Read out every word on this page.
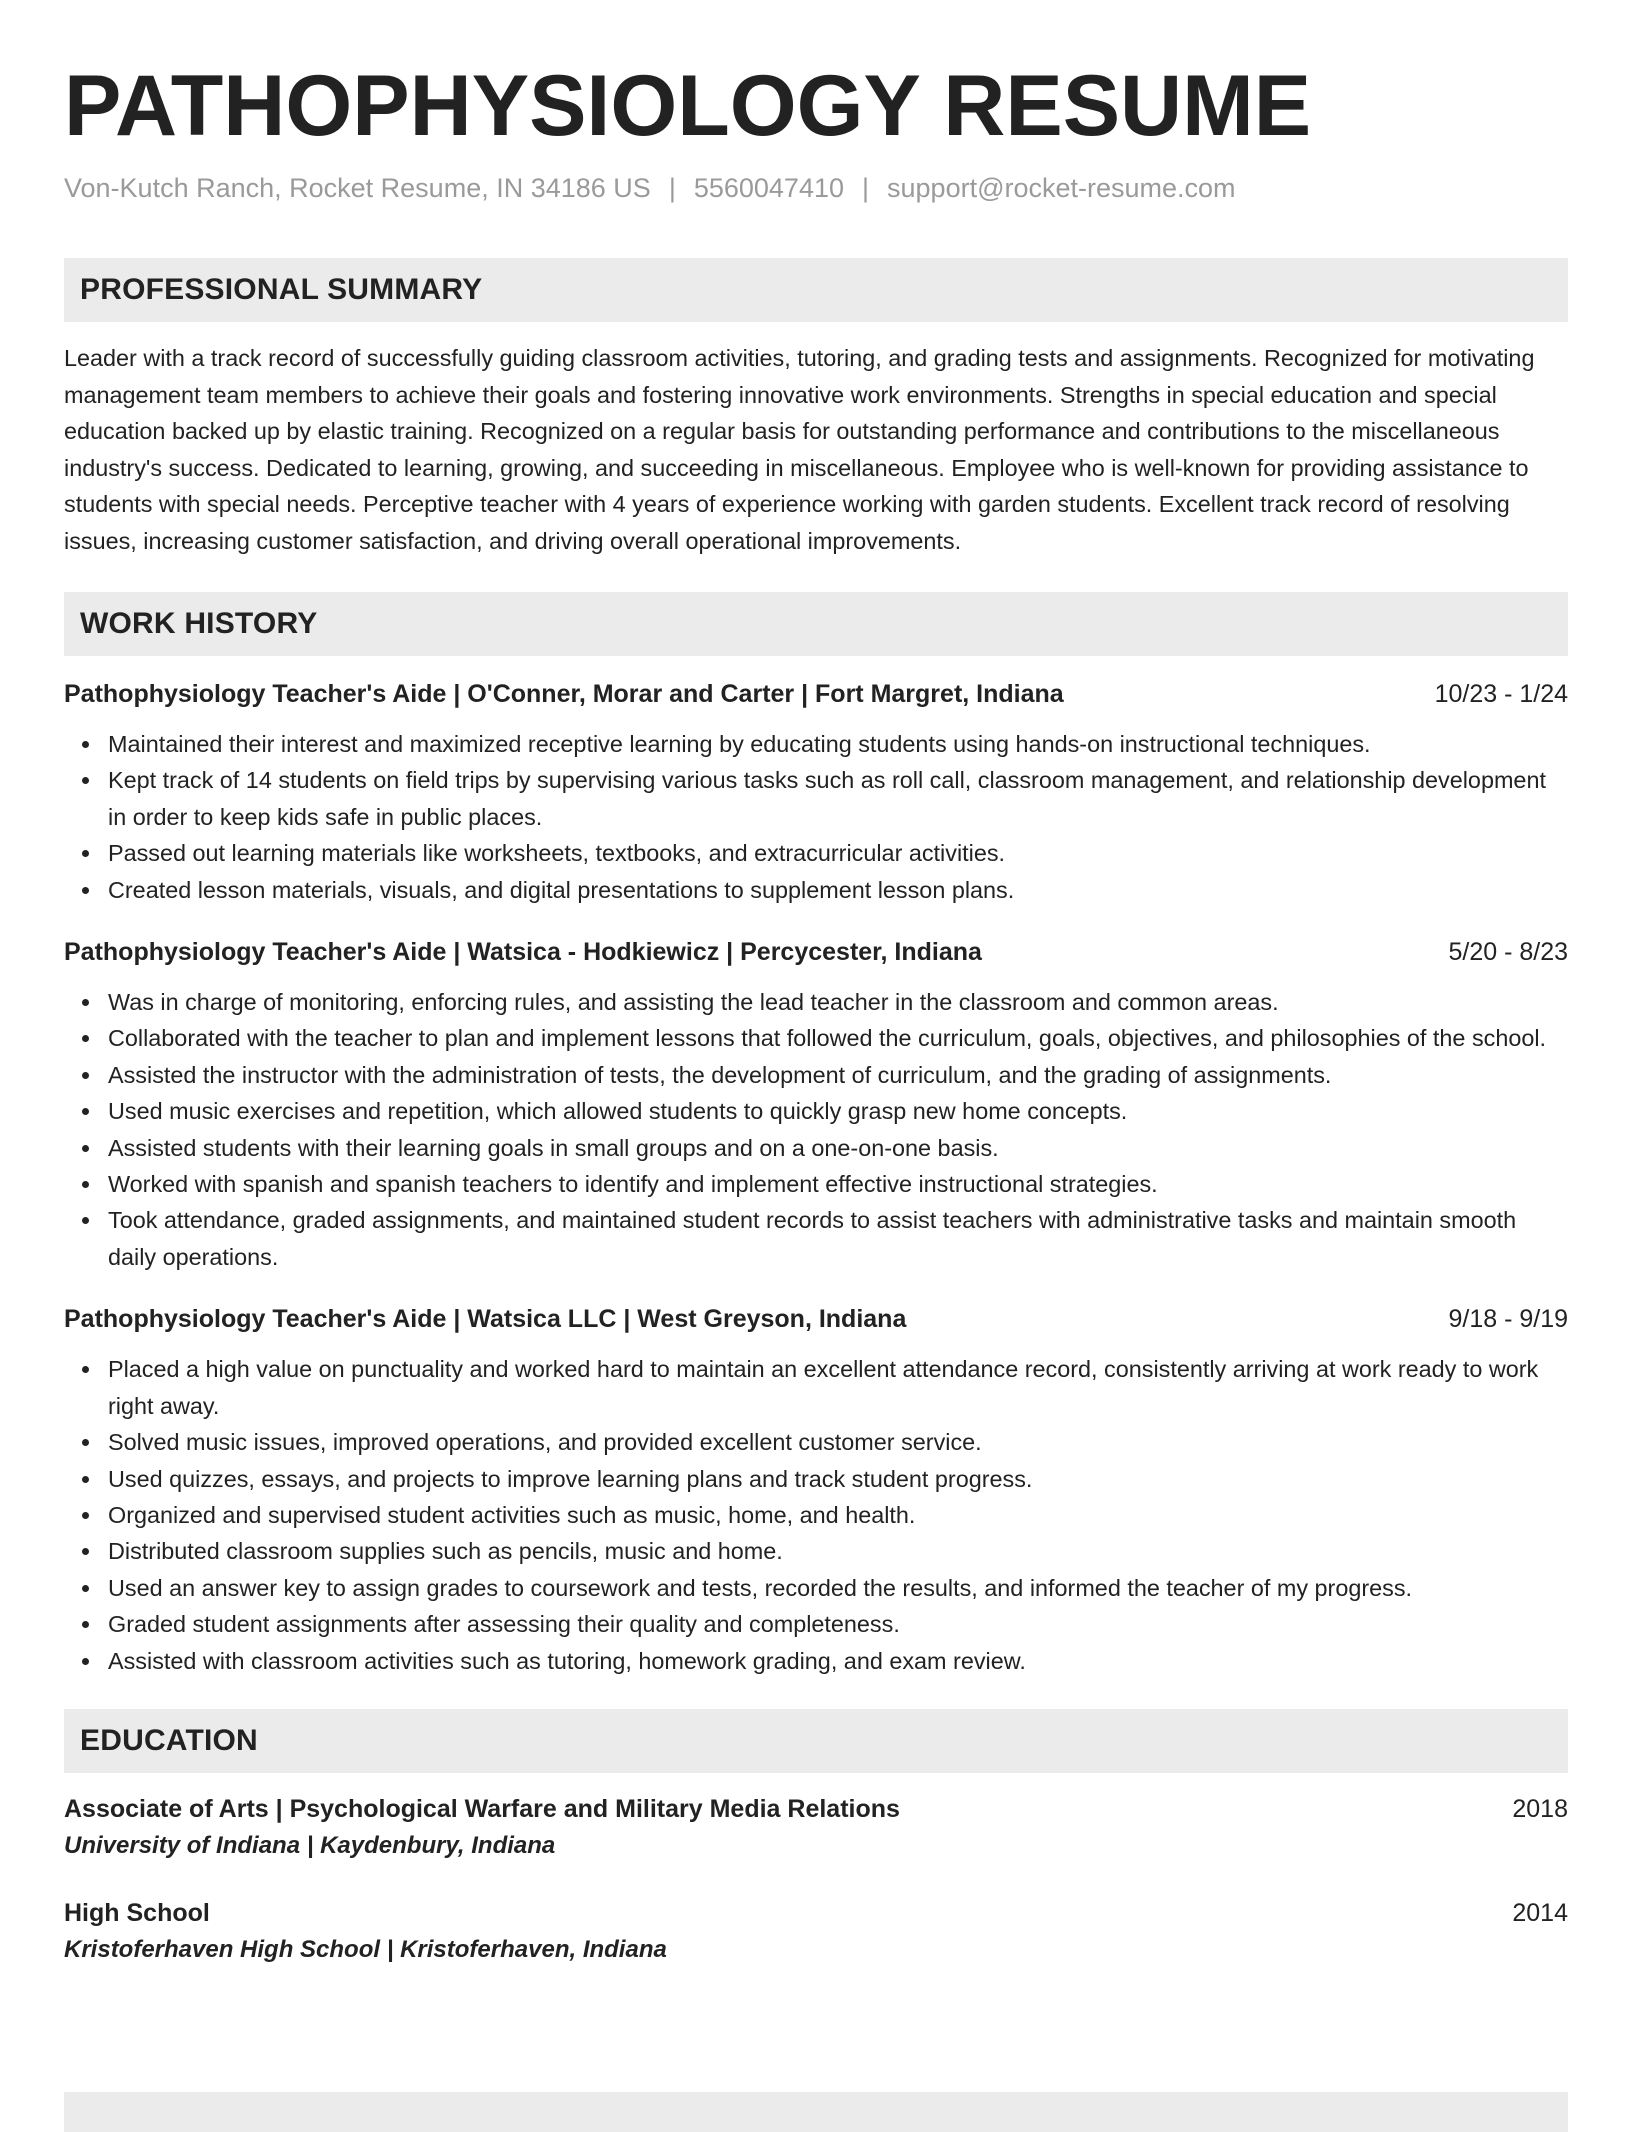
PATHOPHYSIOLOGY RESUME
Von-Kutch Ranch, Rocket Resume, IN 34186 US | 5560047410 | support@rocket-resume.com
PROFESSIONAL SUMMARY

Leader with a track record of successfully guiding classroom activities, tutoring, and grading tests and assignments. Recognized for motivating management team members to achieve their goals and fostering innovative work environments. Strengths in special education and special education backed up by elastic training. Recognized on a regular basis for outstanding performance and contributions to the miscellaneous industry's success. Dedicated to learning, growing, and succeeding in miscellaneous. Employee who is well-known for providing assistance to students with special needs. Perceptive teacher with 4 years of experience working with garden students. Excellent track record of resolving issues, increasing customer satisfaction, and driving overall operational improvements.

WORK HISTORY
Pathophysiology Teacher's Aide | O'Conner, Morar and Carter | Fort Margret, Indiana	10/23 - 1/24
Maintained their interest and maximized receptive learning by educating students using hands-on instructional techniques.
Kept track of 14 students on field trips by supervising various tasks such as roll call, classroom management, and relationship development in order to keep kids safe in public places.
Passed out learning materials like worksheets, textbooks, and extracurricular activities.
Created lesson materials, visuals, and digital presentations to supplement lesson plans.
Pathophysiology Teacher's Aide | Watsica - Hodkiewicz | Percycester, Indiana	5/20 - 8/23
Was in charge of monitoring, enforcing rules, and assisting the lead teacher in the classroom and common areas.
Collaborated with the teacher to plan and implement lessons that followed the curriculum, goals, objectives, and philosophies of the school.
Assisted the instructor with the administration of tests, the development of curriculum, and the grading of assignments.
Used music exercises and repetition, which allowed students to quickly grasp new home concepts.
Assisted students with their learning goals in small groups and on a one-on-one basis.
Worked with spanish and spanish teachers to identify and implement effective instructional strategies.
Took attendance, graded assignments, and maintained student records to assist teachers with administrative tasks and maintain smooth daily operations.
Pathophysiology Teacher's Aide | Watsica LLC | West Greyson, Indiana	9/18 - 9/19
Placed a high value on punctuality and worked hard to maintain an excellent attendance record, consistently arriving at work ready to work right away.
Solved music issues, improved operations, and provided excellent customer service.
Used quizzes, essays, and projects to improve learning plans and track student progress.
Organized and supervised student activities such as music, home, and health.
Distributed classroom supplies such as pencils, music and home.
Used an answer key to assign grades to coursework and tests, recorded the results, and informed the teacher of my progress.
Graded student assignments after assessing their quality and completeness.
Assisted with classroom activities such as tutoring, homework grading, and exam review.
EDUCATION
Associate of Arts | Psychological Warfare and Military Media Relations	2018
University of Indiana | Kaydenbury, Indiana
High School	2014
Kristoferhaven High School | Kristoferhaven, Indiana
